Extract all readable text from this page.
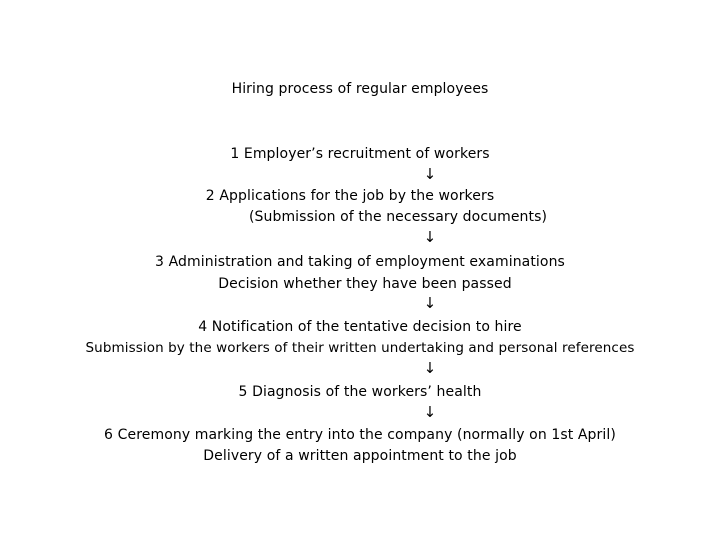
Hiring process of regular employees
1 Employer’s recruitment of workers
↓
2 Applications for the job by the workers
(Submission of the necessary documents)
↓
3 Administration and taking of employment examinations
Decision whether they have been passed
↓
4 Notification of the tentative decision to hire
Submission by the workers of their written undertaking and personal references
↓
5 Diagnosis of the workers’ health
↓
6 Ceremony marking the entry into the company (normally on 1st April)
Delivery of a written appointment to the job
